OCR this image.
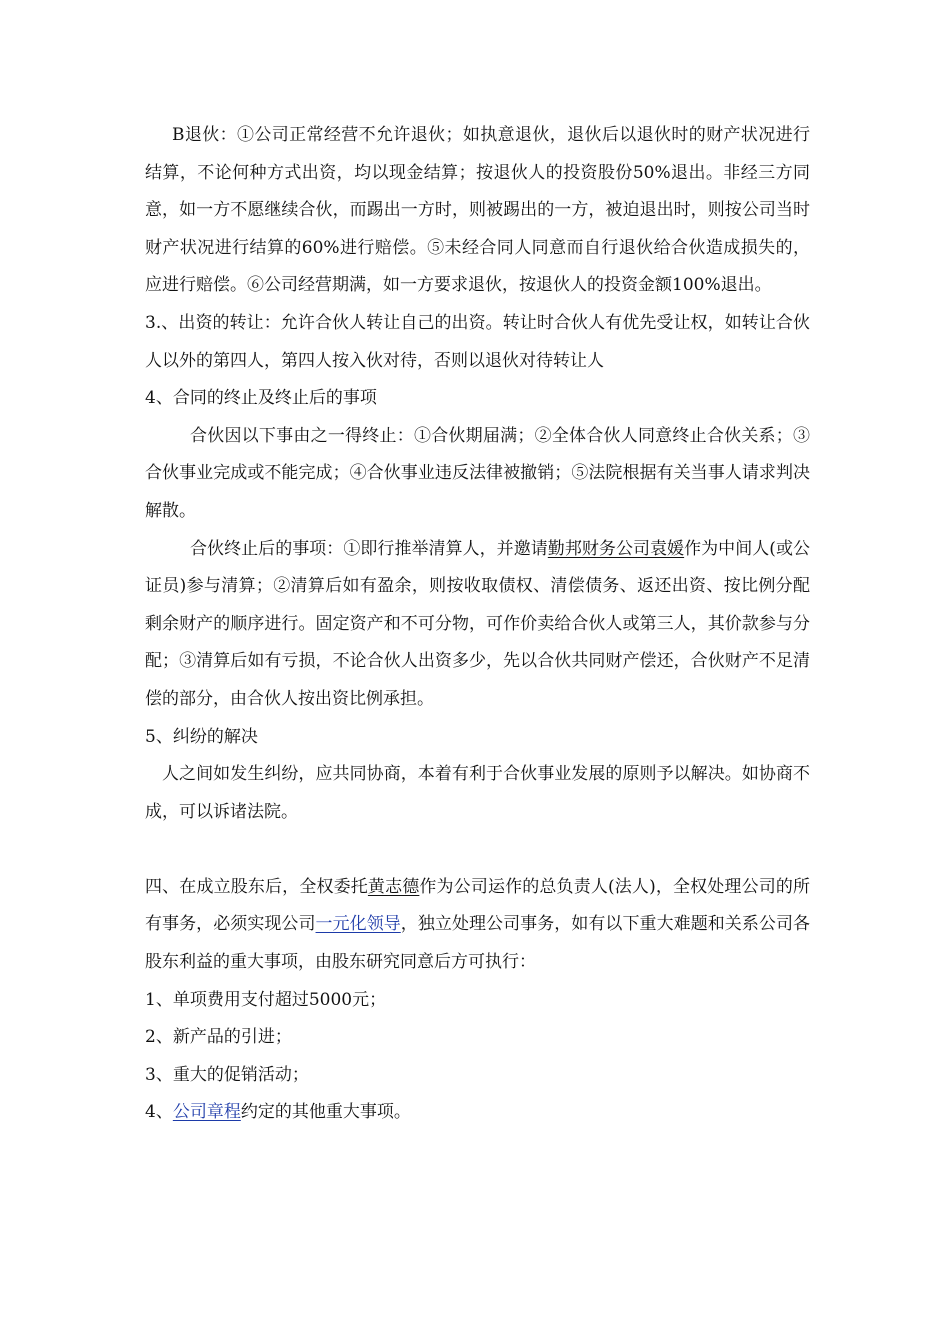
B退伙：①公司正常经营不允许退伙；如执意退伙，退伙后以退伙时的财产状况进行结算，不论何种方式出资，均以现金结算；按退伙人的投资股份50%退出。非经三方同意，如一方不愿继续合伙，而踢出一方时，则被踢出的一方，被迫退出时，则按公司当时财产状况进行结算的60%进行赔偿。⑤未经合同人同意而自行退伙给合伙造成损失的，应进行赔偿。⑥公司经营期满，如一方要求退伙，按退伙人的投资金额100%退出。

3.、出资的转让：允许合伙人转让自己的出资。转让时合伙人有优先受让权，如转让合伙人以外的第四人，第四人按入伙对待，否则以退伙对待转让人

4、合同的终止及终止后的事项

合伙因以下事由之一得终止：①合伙期届满；②全体合伙人同意终止合伙关系；③合伙事业完成或不能完成；④合伙事业违反法律被撤销；⑤法院根据有关当事人请求判决解散。

合伙终止后的事项：①即行推举清算人，并邀请勤邦财务公司袁媛作为中间人(或公证员)参与清算；②清算后如有盈余，则按收取债权、清偿债务、返还出资、按比例分配剩余财产的顺序进行。固定资产和不可分物，可作价卖给合伙人或第三人，其价款参与分配；③清算后如有亏损，不论合伙人出资多少，先以合伙共同财产偿还，合伙财产不足清偿的部分，由合伙人按出资比例承担。

5、纠纷的解决

人之间如发生纠纷，应共同协商，本着有利于合伙事业发展的原则予以解决。如协商不成，可以诉诸法院。

四、在成立股东后，全权委托黄志德作为公司运作的总负责人(法人)，全权处理公司的所有事务，必须实现公司一元化领导，独立处理公司事务，如有以下重大难题和关系公司各股东利益的重大事项，由股东研究同意后方可执行：

1、单项费用支付超过5000元；

2、新产品的引进；

3、重大的促销活动；

4、公司章程约定的其他重大事项。
